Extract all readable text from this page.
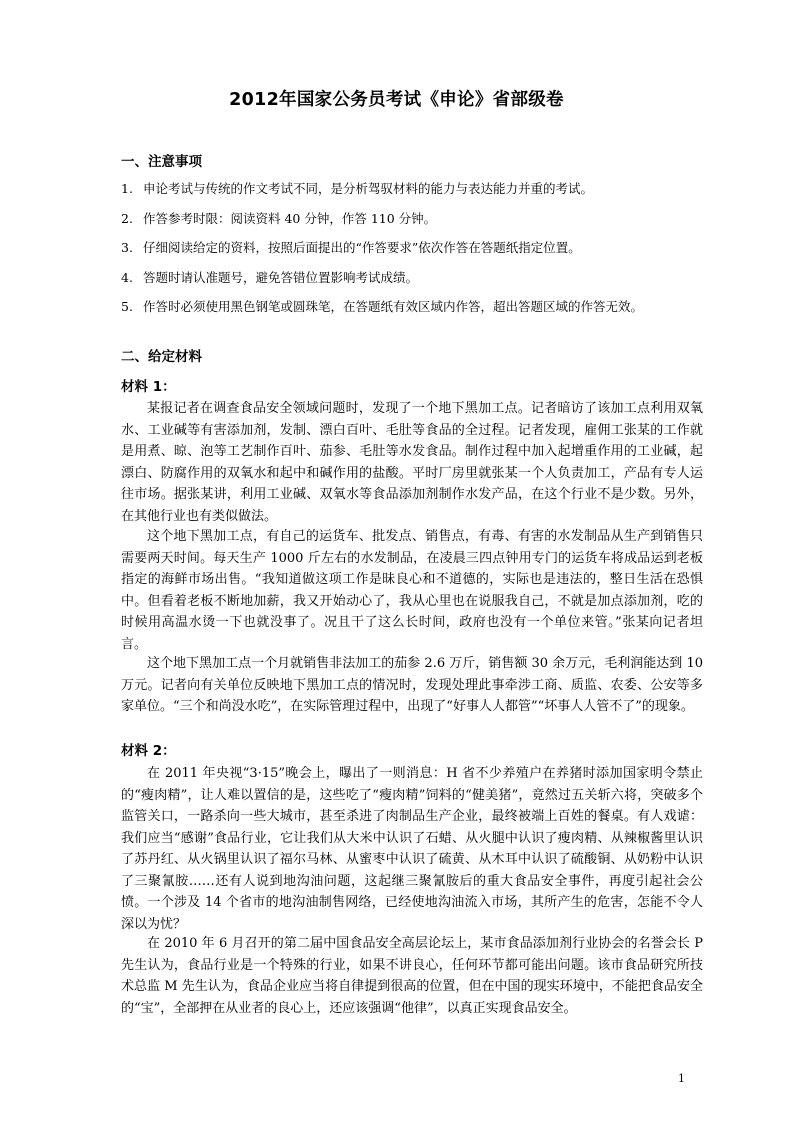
2012年国家公务员考试《申论》省部级卷
一、注意事项
1. 申论考试与传统的作文考试不同，是分析驾驭材料的能力与表达能力并重的考试。
2. 作答参考时限：阅读资料 40 分钟，作答 110 分钟。
3. 仔细阅读给定的资料，按照后面提出的“作答要求”依次作答在答题纸指定位置。
4. 答题时请认准题号，避免答错位置影响考试成绩。
5. 作答时必须使用黑色钢笔或圆珠笔，在答题纸有效区域内作答，超出答题区域的作答无效。
二、给定材料
材料 1：

某报记者在调查食品安全领域问题时，发现了一个地下黑加工点。记者暗访了该加工点利用双氧水、工业碱等有害添加剂，发制、漂白百叶、毛肚等食品的全过程。记者发现，雇佣工张某的工作就是用煮、晾、泡等工艺制作百叶、茄参、毛肚等水发食品。制作过程中加入起增重作用的工业碱，起漂白、防腐作用的双氧水和起中和碱作用的盐酸。平时厂房里就张某一个人负责加工，产品有专人运往市场。据张某讲，利用工业碱、双氧水等食品添加剂制作水发产品，在这个行业不是少数。另外，在其他行业也有类似做法。

这个地下黑加工点，有自己的运货车、批发点、销售点，有毒、有害的水发制品从生产到销售只需要两天时间。每天生产 1000 斤左右的水发制品，在凌晨三四点钟用专门的运货车将成品运到老板指定的海鲜市场出售。“我知道做这项工作是昧良心和不道德的，实际也是违法的，整日生活在恐惧中。但看着老板不断地加薪，我又开始动心了，我从心里也在说服我自己，不就是加点添加剂，吃的时候用高温水烫一下也就没事了。况且干了这么长时间，政府也没有一个单位来管。”张某向记者坦言。

这个地下黑加工点一个月就销售非法加工的茄参 2.6 万斤，销售额 30 余万元，毛利润能达到 10 万元。记者向有关单位反映地下黑加工点的情况时，发现处理此事牵涉工商、质监、农委、公安等多家单位。“三个和尚没水吃”，在实际管理过程中，出现了“好事人人都管”“坏事人人管不了”的现象。

材料 2：

在 2011 年央视“3·15”晚会上，曝出了一则消息：H 省不少养殖户在养猪时添加国家明令禁止的“瘦肉精”，让人难以置信的是，这些吃了“瘦肉精”饲料的“健美猪”，竟然过五关斩六将，突破多个监管关口，一路杀向一些大城市，甚至杀进了肉制品生产企业，最终被端上百姓的餐桌。有人戏谑：我们应当“感谢”食品行业，它让我们从大米中认识了石蜡、从火腿中认识了瘦肉精、从辣椒酱里认识了苏丹红、从火锅里认识了福尔马林、从蜜枣中认识了硫黄、从木耳中认识了硫酸铜、从奶粉中认识了三聚氰胺……还有人说到地沟油问题，这起继三聚氰胺后的重大食品安全事件，再度引起社会公愤。一个涉及 14 个省市的地沟油制售网络，已经使地沟油流入市场，其所产生的危害，怎能不令人深以为忧？

在 2010 年 6 月召开的第二届中国食品安全高层论坛上，某市食品添加剂行业协会的名誉会长 P 先生认为，食品行业是一个特殊的行业，如果不讲良心，任何环节都可能出问题。该市食品研究所技术总监 M 先生认为，食品企业应当将自律提到很高的位置，但在中国的现实环境中，不能把食品安全的“宝”，全部押在从业者的良心上，还应该强调“他律”，以真正实现食品安全。

1
